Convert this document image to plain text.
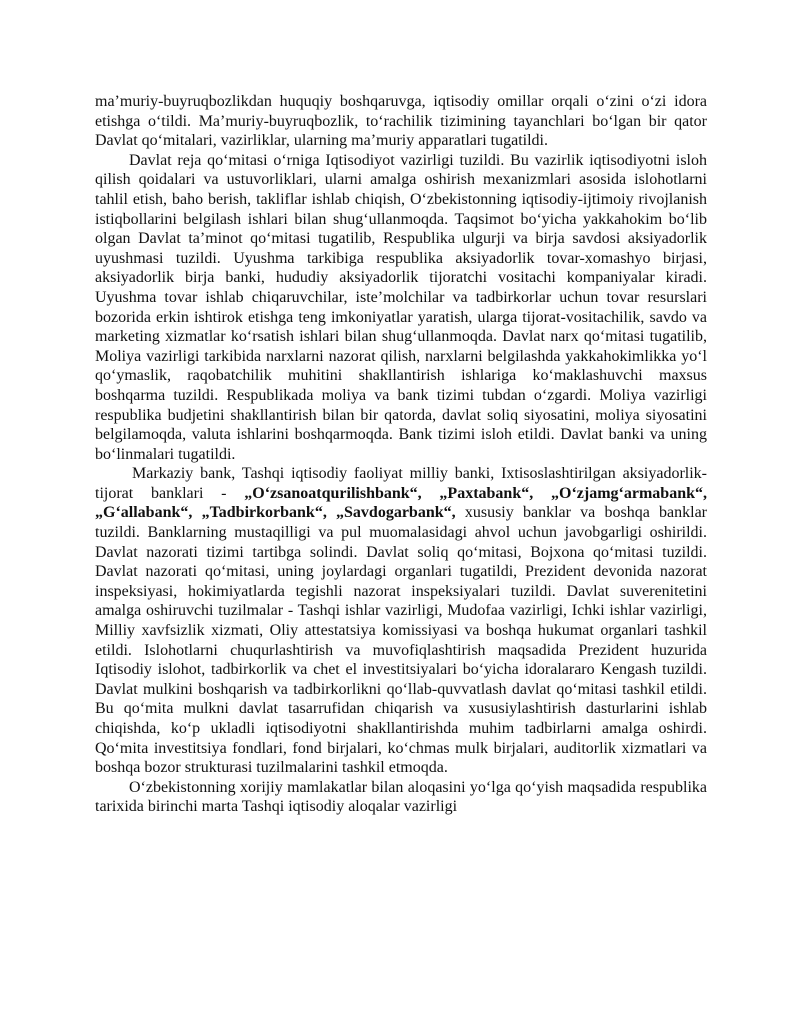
ma’muriy-buyruqbozlikdan huquqiy boshqaruvga, iqtisodiy omillar orqali o‘zini o‘zi idora etishga o‘tildi. Ma’muriy-buyruqbozlik, to‘rachilik tizimining tayanchlari bo‘lgan bir qator Davlat qo‘mitalari, vazirliklar, ularning ma’muriy apparatlari tugatildi.

Davlat reja qo‘mitasi o‘rniga Iqtisodiyot vazirligi tuzildi. Bu vazirlik iqtisodiyotni isloh qilish qoidalari va ustuvorliklari, ularni amalga oshirish mexanizmlari asosida islohotlarni tahlil etish, baho berish, takliflar ishlab chiqish, O‘zbekistonning iqtisodiy-ijtimoiy rivojlanish istiqbollarini belgilash ishlari bilan shug‘ullanmoqda. Taqsimot bo‘yicha yakkahokim bo‘lib olgan Davlat ta’minot qo‘mitasi tugatilib, Respublika ulgurji va birja savdosi aksiyadorlik uyushmasi tuzildi. Uyushma tarkibiga respublika aksiyadorlik tovar-xomashyo birjasi, aksiyadorlik birja banki, hududiy aksiyadorlik tijoratchi vositachi kompaniyalar kiradi. Uyushma tovar ishlab chiqaruvchilar, iste’molchilar va tadbirkorlar uchun tovar resurslari bozorida erkin ishtirok etishga teng imkoniyatlar yaratish, ularga tijorat-vositachilik, savdo va marketing xizmatlar ko‘rsatish ishlari bilan shug‘ullanmoqda. Davlat narx qo‘mitasi tugatilib, Moliya vazirligi tarkibida narxlarni nazorat qilish, narxlarni belgilashda yakkahokimlikka yo‘l qo‘ymaslik, raqobatchilik muhitini shakllantirish ishlariga ko‘maklashuvchi maxsus boshqarma tuzildi. Respublikada moliya va bank tizimi tubdan o‘zgardi. Moliya vazirligi respublika budjetini shakllantirish bilan bir qatorda, davlat soliq siyosatini, moliya siyosatini belgilamoqda, valuta ishlarini boshqarmoqda. Bank tizimi isloh etildi. Davlat banki va uning bo‘linmalari tugatildi.

Markaziy bank, Tashqi iqtisodiy faoliyat milliy banki, Ixtisoslashtirilgan aksiyadorlik-tijorat banklari - „O‘zsanoatqurilishbank“, „Paxtabank“, „O‘zjamg‘armabank“, „G‘allabank“, „Tadbirkorbank“, „Savdogarbank“, xususiy banklar va boshqa banklar tuzildi. Banklarning mustaqilligi va pul muomalasidagi ahvol uchun javobgarligi oshirildi. Davlat nazorati tizimi tartibga solindi. Davlat soliq qo‘mitasi, Bojxona qo‘mitasi tuzildi. Davlat nazorati qo‘mitasi, uning joylardagi organlari tugatildi, Prezident devonida nazorat inspeksiyasi, hokimiyatlarda tegishli nazorat inspeksiyalari tuzildi. Davlat suverenitetini amalga oshiruvchi tuzilmalar - Tashqi ishlar vazirligi, Mudofaa vazirligi, Ichki ishlar vazirligi, Milliy xavfsizlik xizmati, Oliy attestatsiya komissiyasi va boshqa hukumat organlari tashkil etildi. Islohotlarni chuqurlashtirish va muvofiqlashtirish maqsadida Prezident huzurida Iqtisodiy islohot, tadbirkorlik va chet el investitsiyalari bo‘yicha idoralararo Kengash tuzildi. Davlat mulkini boshqarish va tadbirkorlikni qo‘llab-quvvatlash davlat qo‘mitasi tashkil etildi. Bu qo‘mita mulkni davlat tasarrufidan chiqarish va xususiylashtirish dasturlarini ishlab chiqishda, ko‘p ukladli iqtisodiyotni shakllantirishda muhim tadbirlarni amalga oshirdi. Qo‘mita investitsiya fondlari, fond birjalari, ko‘chmas mulk birjalari, auditorlik xizmatlari va boshqa bozor strukturasi tuzilmalarini tashkil etmoqda.

O‘zbekistonning xorijiy mamlakatlar bilan aloqasini yo‘lga qo‘yish maqsadida respublika tarixida birinchi marta Tashqi iqtisodiy aloqalar vazirligi
